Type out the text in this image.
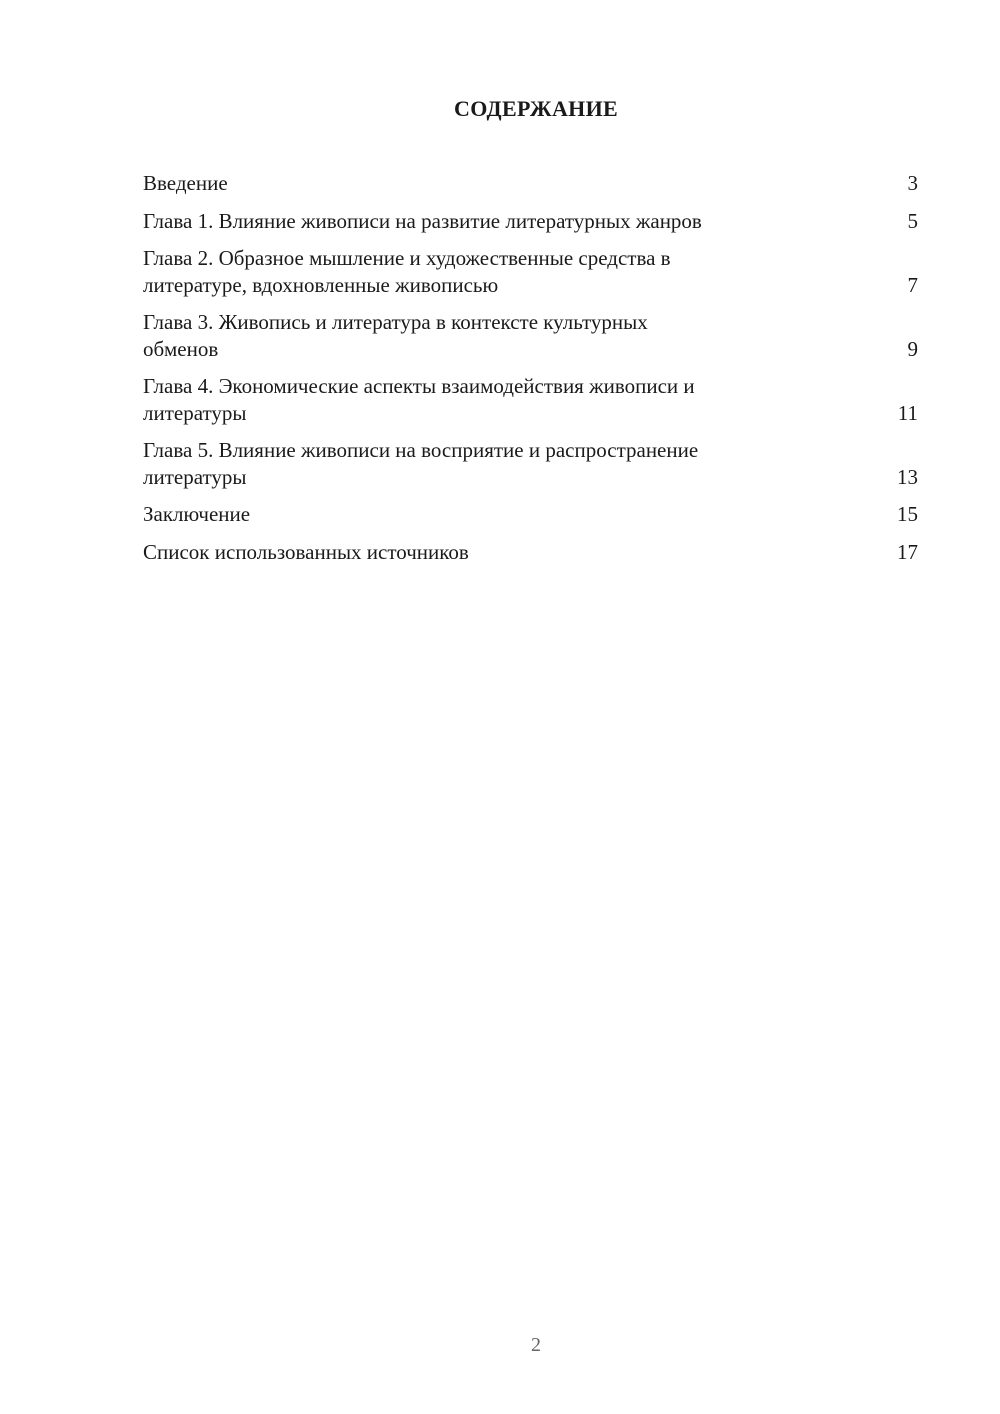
СОДЕРЖАНИЕ
Введение	3
Глава 1. Влияние живописи на развитие литературных жанров	5
Глава 2. Образное мышление и художественные средства в
литературе, вдохновленные живописью	7
Глава 3. Живопись и литература в контексте культурных
обменов	9
Глава 4. Экономические аспекты взаимодействия живописи и
литературы	11
Глава 5. Влияние живописи на восприятие и распространение
литературы	13
Заключение	15
Список использованных источников	17
2
